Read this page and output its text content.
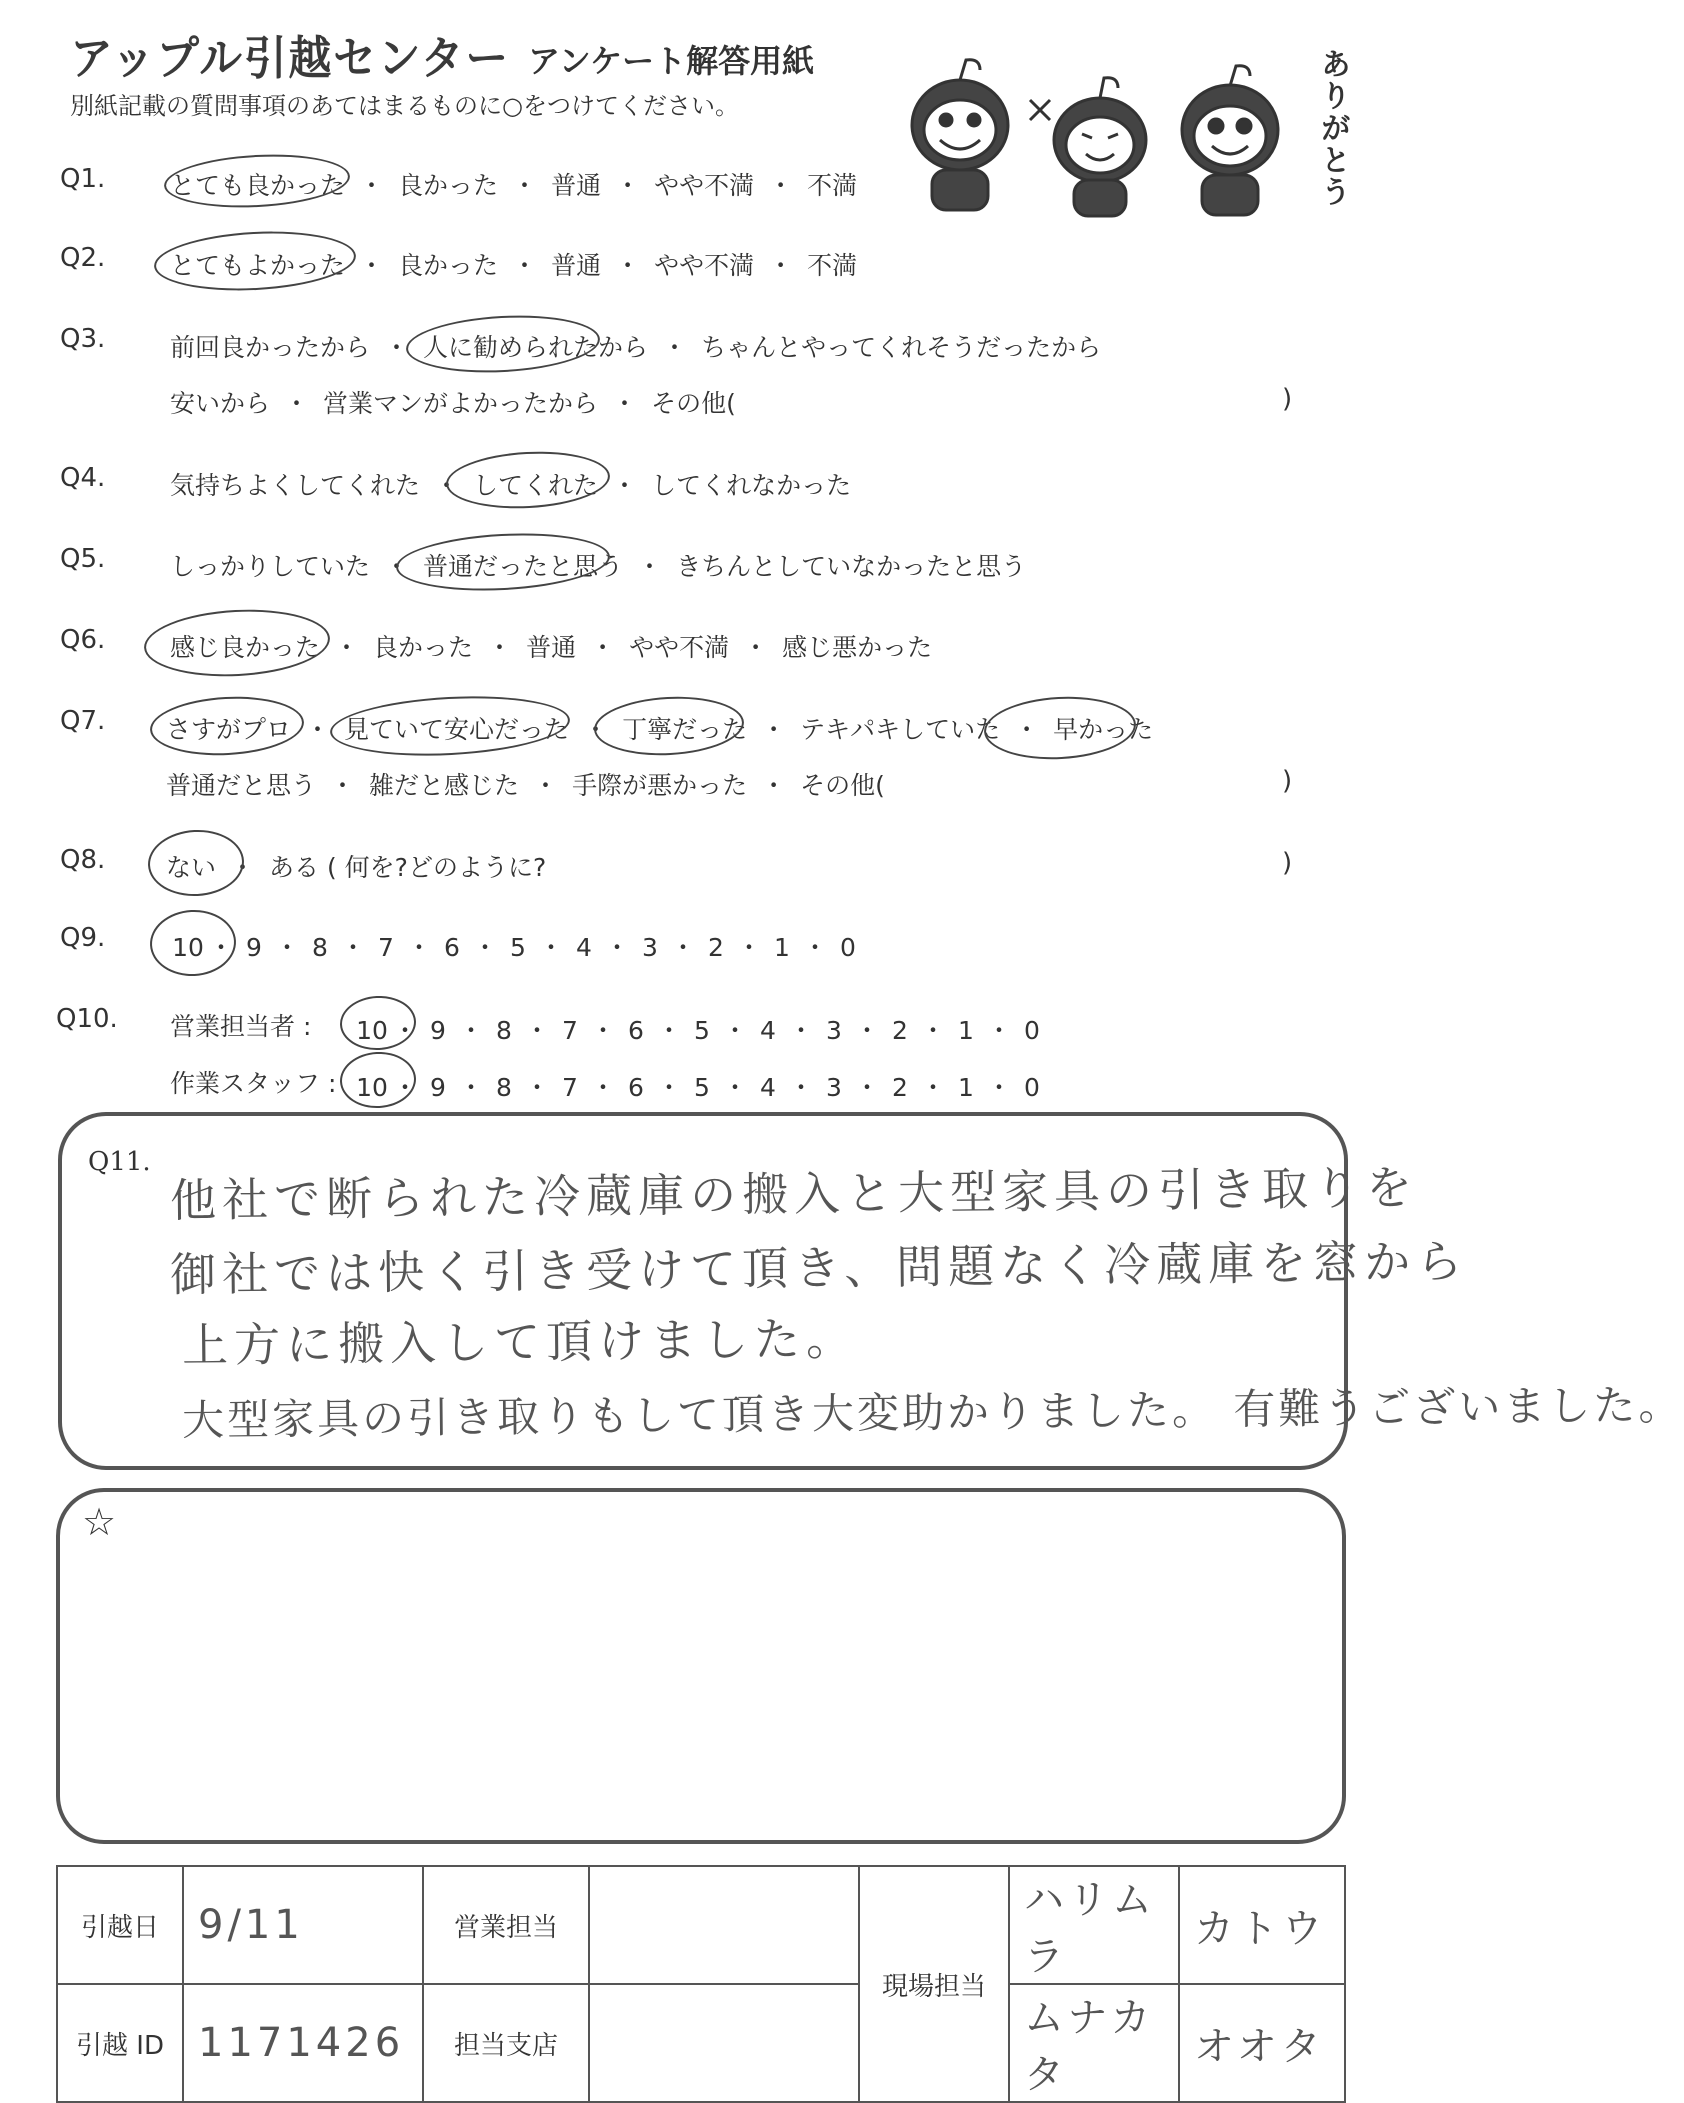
アップル引越センター アンケート解答用紙
別紙記載の質問事項のあてはまるものに○をつけてください。	ありがとう
Q1.	とても良かった ・ 良かった ・ 普通 ・ やや不満 ・ 不満
Q2.	とてもよかった ・ 良かった ・ 普通 ・ やや不満 ・ 不満
Q3.	前回良かったから ・ 人に勧められたから ・ ちゃんとやってくれそうだったから
安いから ・ 営業マンがよかったから ・ その他(	)
Q4.	気持ちよくしてくれた ・ してくれた ・ してくれなかった
Q5.	しっかりしていた ・ 普通だったと思う ・ きちんとしていなかったと思う
Q6.	感じ良かった ・ 良かった ・ 普通 ・ やや不満 ・ 感じ悪かった
Q7. さすがプロ ・ 見ていて安心だった ・ 丁寧だった ・ テキパキしていた ・ 早かった
普通だと思う ・ 雑だと感じた ・ 手際が悪かった ・ その他(	)
Q8. ない ・ ある ( 何を?どのように?	)
Q9.	10 ・ 9 ・ 8 ・ 7 ・ 6 ・ 5 ・ 4 ・ 3 ・ 2 ・ 1 ・ 0
Q10. 営業担当者 : 10 ・ 9 ・ 8 ・ 7 ・ 6 ・ 5 ・ 4 ・ 3 ・ 2 ・ 1 ・ 0
作業スタッフ : 10 ・ 9 ・ 8 ・ 7 ・ 6 ・ 5 ・ 4 ・ 3 ・ 2 ・ 1 ・ 0
Q11. 他社で断られた冷蔵庫の搬入と大型家具の引き取りを
御社では快く引き受けて頂き、問題なく冷蔵庫を窓から
上方に搬入して頂けました。
大型家具の引き取りもして頂き大変助かりました。 有難うございました。
☆
引越日	9/11	営業担当		現場担当	ハリムラ	カトウ
引越 ID	1171426	担当支店			ムナカタ	オオタ
